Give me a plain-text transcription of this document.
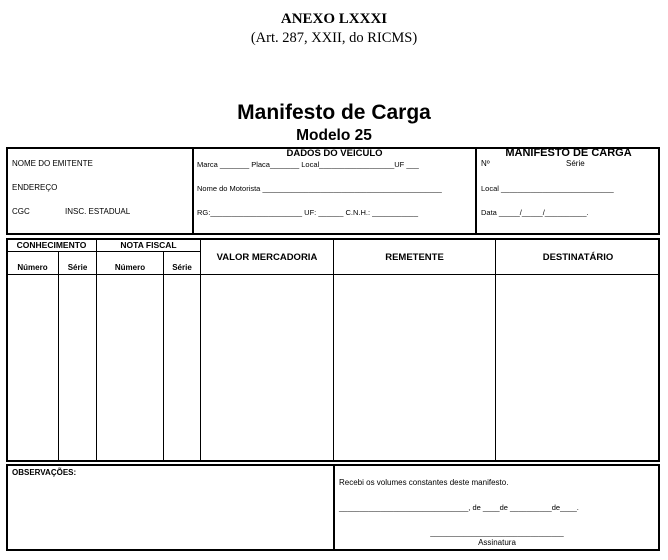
ANEXO LXXXI
(Art. 287, XXII, do RICMS)
Manifesto de Carga
Modelo 25
NOME DO EMITENTE
ENDEREÇO
CGC	INSC. ESTADUAL
DADOS DO VEÍCULO
Marca _______ Placa_______ Local__________________UF ___
Nome do Motorista ___________________________________________
RG:______________________ UF: ______ C.N.H.: ___________
MANIFESTO DE CARGA
Nº	Série
Local ___________________________
Data _____/_____/__________.
CONHECIMENTO	NOTA FISCAL
Número	Série	Número	Série
VALOR MERCADORIA	REMETENTE	DESTINATÁRIO
OBSERVAÇÕES:
Recebi os volumes constantes deste manifesto.
_______________________________, de ____de __________de____.
________________________________
Assinatura
